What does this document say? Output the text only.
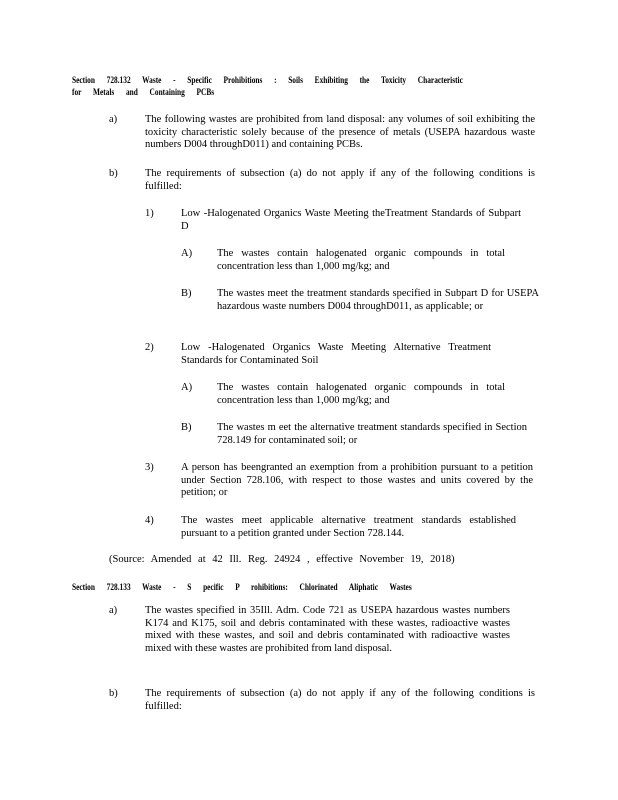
Section 728.132 Waste - Specific Prohibitions : Soils Exhibiting the Toxicity Characteristic
for Metals and Containing PCBs
a)	The following wastes are prohibited from land disposal: any volumes of soil exhibiting the toxicity characteristic solely because of the presence of metals (USEPA hazardous waste numbers D004 throughD011) and containing PCBs.

b)	The requirements of subsection (a) do not apply if any of the following conditions is fulfilled:

1)	Low -Halogenated Organics Waste Meeting theTreatment Standards of Subpart D

A)	The wastes contain halogenated organic compounds in total concentration less than 1,000 mg/kg; and

B)	The wastes meet the treatment standards specified in Subpart D for USEPA hazardous waste numbers D004 throughD011, as applicable; or

2)	Low -Halogenated Organics Waste Meeting Alternative Treatment Standards for Contaminated Soil

A)	The wastes contain halogenated organic compounds in total concentration less than 1,000 mg/kg; and

B)	The wastes m eet the alternative treatment standards specified in Section 728.149 for contaminated soil; or

3)	A person has beengranted an exemption from a prohibition pursuant to a petition under Section 728.106, with respect to those wastes and units covered by the petition; or

4)	The wastes meet applicable alternative treatment standards established pursuant to a petition granted under Section 728.144.

(Source: Amended at 42 Ill. Reg. 24924 , effective November 19, 2018)
Section 728.133 Waste - S pecific P rohibitions: Chlorinated Aliphatic Wastes
a)	The wastes specified in 35Ill. Adm. Code 721 as USEPA hazardous wastes numbers K174 and K175, soil and debris contaminated with these wastes, radioactive wastes mixed with these wastes, and soil and debris contaminated with radioactive wastes mixed with these wastes are prohibited from land disposal.

b)	The requirements of subsection (a) do not apply if any of the following conditions is fulfilled:
